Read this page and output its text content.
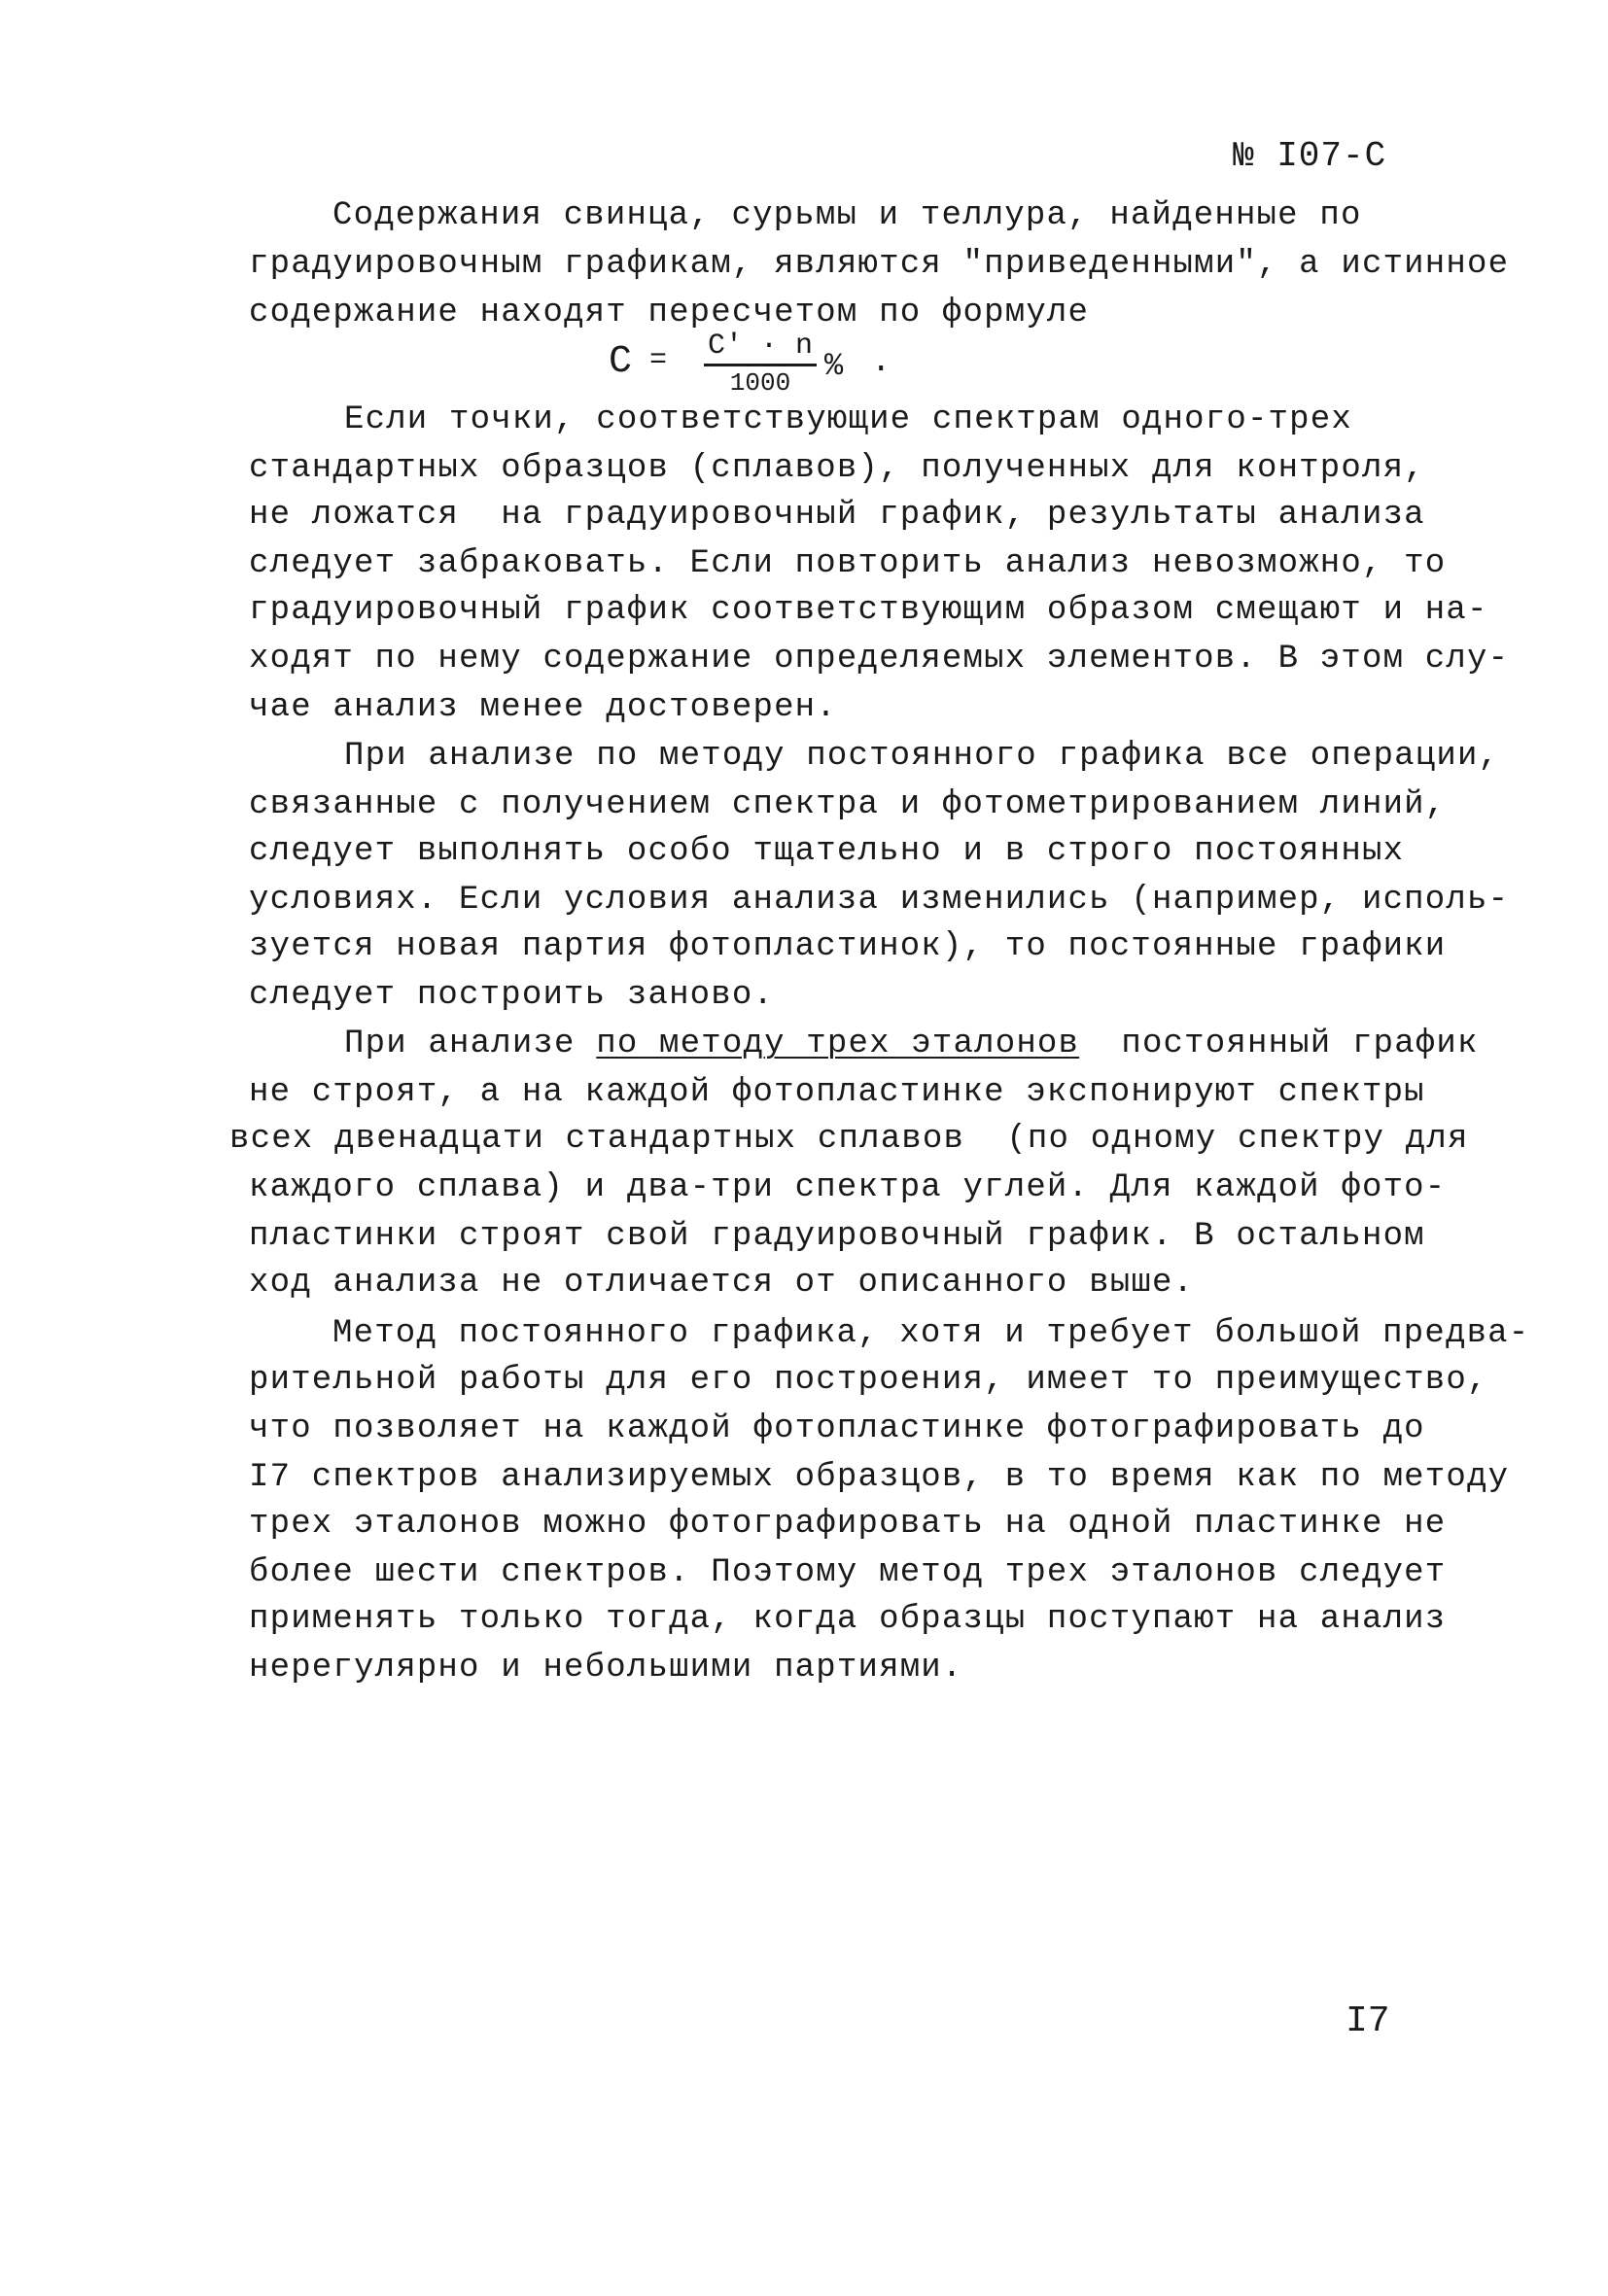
№ I07-С
Содержания свинца, сурьмы и теллура, найденные по
градуировочным графикам, являются "приведенными", а истинное
содержание находят пересчетом по формуле
C = C' · n
1000	% .
Если точки, соответствующие спектрам одного-трех
стандартных образцов (сплавов), полученных для контроля,
не ложатся  на градуировочный график, результаты анализа
следует забраковать. Если повторить анализ невозможно, то
градуировочный график соответствующим образом смещают и на-
ходят по нему содержание определяемых элементов. В этом слу-
чае анализ менее достоверен.
При анализе по методу постоянного графика все операции,
связанные с получением спектра и фотометрированием линий,
следует выполнять особо тщательно и в строго постоянных
условиях. Если условия анализа изменились (например, исполь-
зуется новая партия фотопластинок), то постоянные графики
следует построить заново.
При анализе по методу трех эталонов  постоянный график
не строят, а на каждой фотопластинке экспонируют спектры
всех двенадцати стандартных сплавов  (по одному спектру для
каждого сплава) и два-три спектра углей. Для каждой фото-
пластинки строят свой градуировочный график. В остальном
ход анализа не отличается от описанного выше.
Метод постоянного графика, хотя и требует большой предва-
рительной работы для его построения, имеет то преимущество,
что позволяет на каждой фотопластинке фотографировать до
I7 спектров анализируемых образцов, в то время как по методу
трех эталонов можно фотографировать на одной пластинке не
более шести спектров. Поэтому метод трех эталонов следует
применять только тогда, когда образцы поступают на анализ
нерегулярно и небольшими партиями.
I7
